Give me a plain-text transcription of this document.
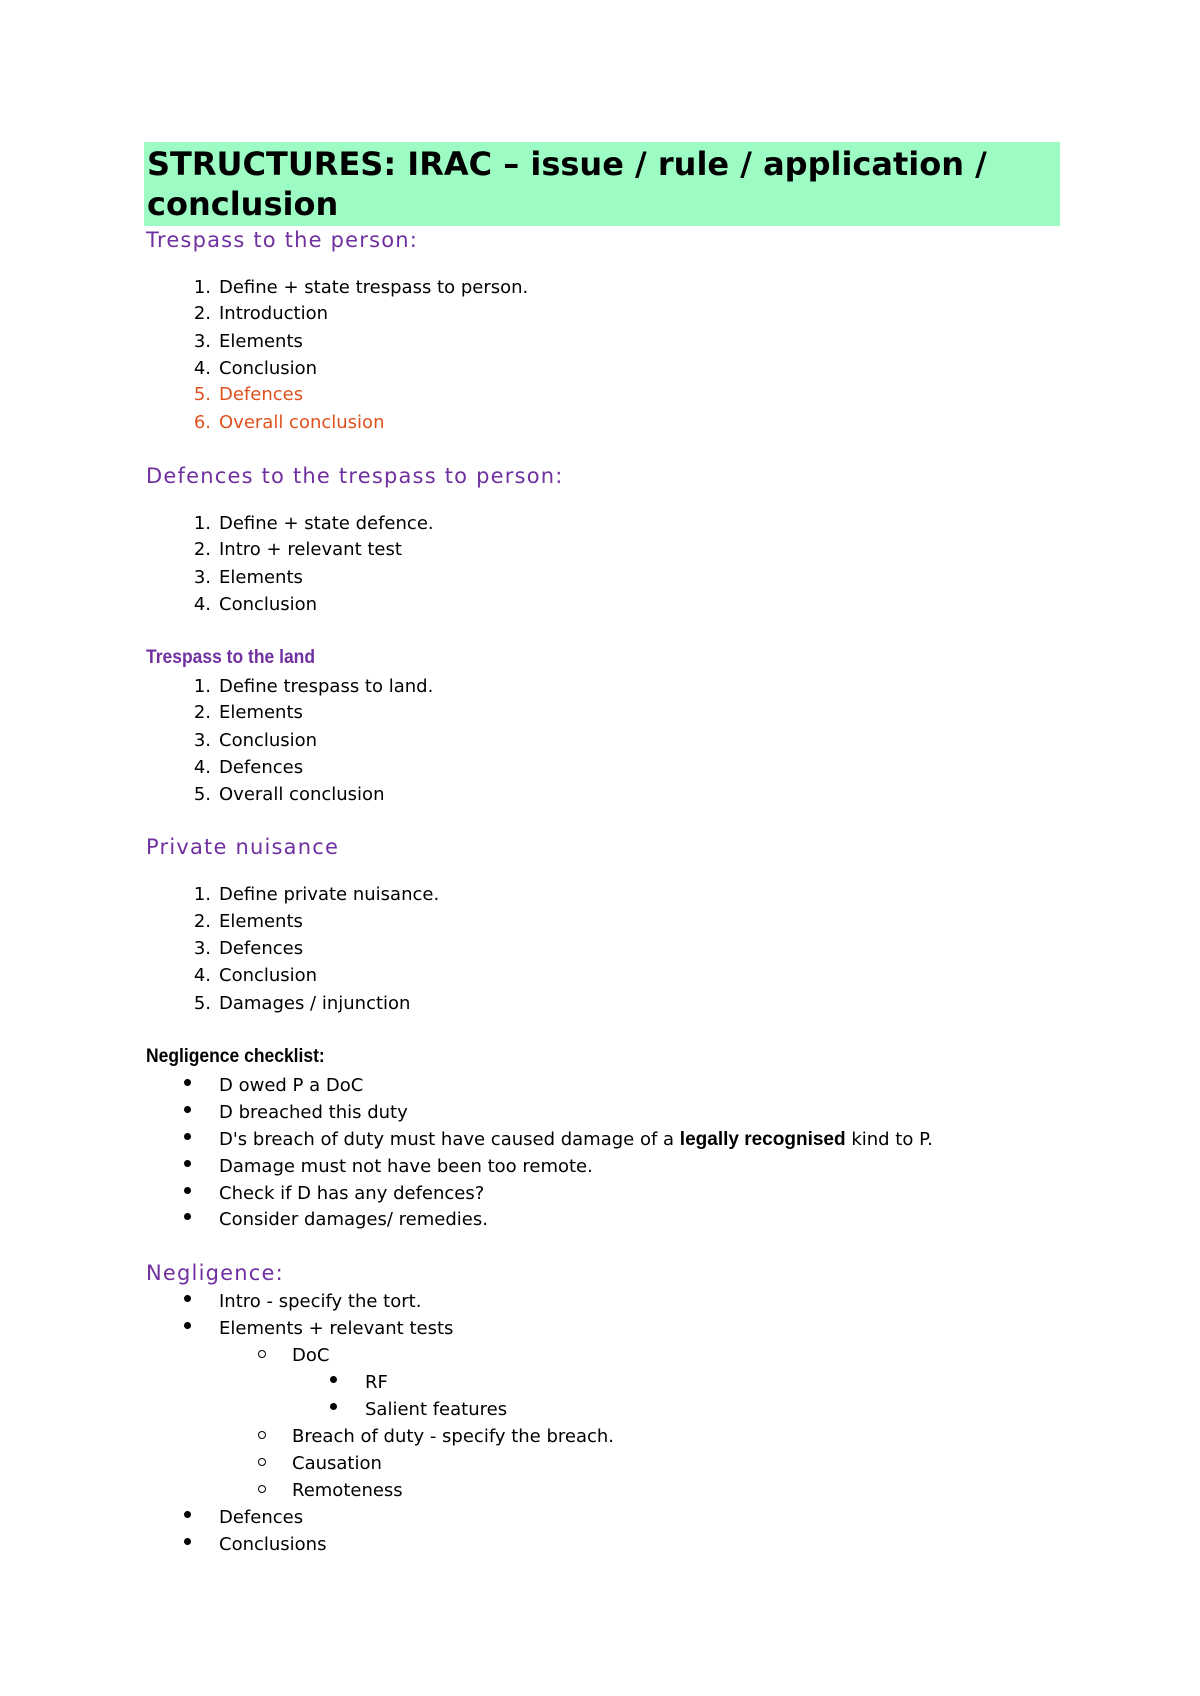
STRUCTURES: IRAC – issue / rule / application / conclusion
Trespass to the person:
1. Define + state trespass to person.
2. Introduction
3. Elements
4. Conclusion
5. Defences
6. Overall conclusion
Defences to the trespass to person:
1. Define + state defence.
2. Intro + relevant test
3. Elements
4. Conclusion
Trespass to the land
1. Define trespass to land.
2. Elements
3. Conclusion
4. Defences
5. Overall conclusion
Private nuisance
1. Define private nuisance.
2. Elements
3. Defences
4. Conclusion
5. Damages / injunction
Negligence checklist:
D owed P a DoC
D breached this duty
D's breach of duty must have caused damage of a legally recognised kind to P.
Damage must not have been too remote.
Check if D has any defences?
Consider damages/ remedies.
Negligence:
Intro - specify the tort.
Elements + relevant tests
DoC
RF
Salient features
Breach of duty - specify the breach.
Causation
Remoteness
Defences
Conclusions
